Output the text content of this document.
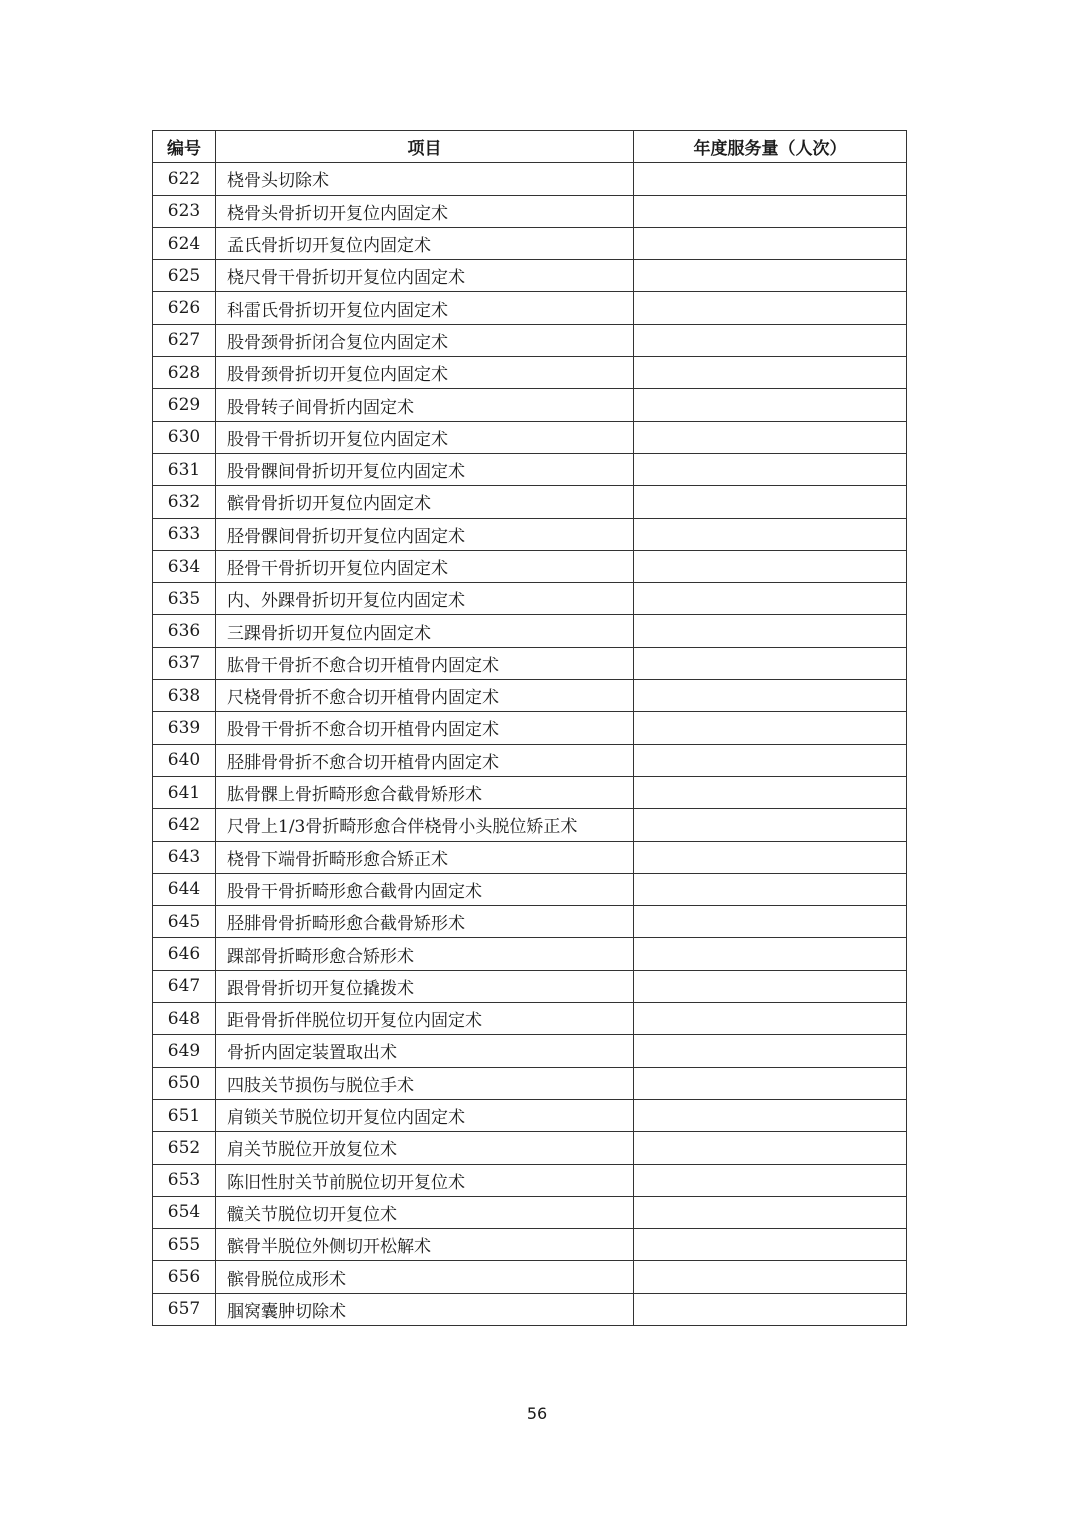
编号	项目	年度服务量（人次）
622	桡骨头切除术	
623	桡骨头骨折切开复位内固定术	
624	孟氏骨折切开复位内固定术	
625	桡尺骨干骨折切开复位内固定术	
626	科雷氏骨折切开复位内固定术	
627	股骨颈骨折闭合复位内固定术	
628	股骨颈骨折切开复位内固定术	
629	股骨转子间骨折内固定术	
630	股骨干骨折切开复位内固定术	
631	股骨髁间骨折切开复位内固定术	
632	髌骨骨折切开复位内固定术	
633	胫骨髁间骨折切开复位内固定术	
634	胫骨干骨折切开复位内固定术	
635	内、外踝骨折切开复位内固定术	
636	三踝骨折切开复位内固定术	
637	肱骨干骨折不愈合切开植骨内固定术	
638	尺桡骨骨折不愈合切开植骨内固定术	
639	股骨干骨折不愈合切开植骨内固定术	
640	胫腓骨骨折不愈合切开植骨内固定术	
641	肱骨髁上骨折畸形愈合截骨矫形术	
642	尺骨上1/3骨折畸形愈合伴桡骨小头脱位矫正术	
643	桡骨下端骨折畸形愈合矫正术	
644	股骨干骨折畸形愈合截骨内固定术	
645	胫腓骨骨折畸形愈合截骨矫形术	
646	踝部骨折畸形愈合矫形术	
647	跟骨骨折切开复位撬拨术	
648	距骨骨折伴脱位切开复位内固定术	
649	骨折内固定装置取出术	
650	四肢关节损伤与脱位手术	
651	肩锁关节脱位切开复位内固定术	
652	肩关节脱位开放复位术	
653	陈旧性肘关节前脱位切开复位术	
654	髋关节脱位切开复位术	
655	髌骨半脱位外侧切开松解术	
656	髌骨脱位成形术	
657	腘窝囊肿切除术	
56
